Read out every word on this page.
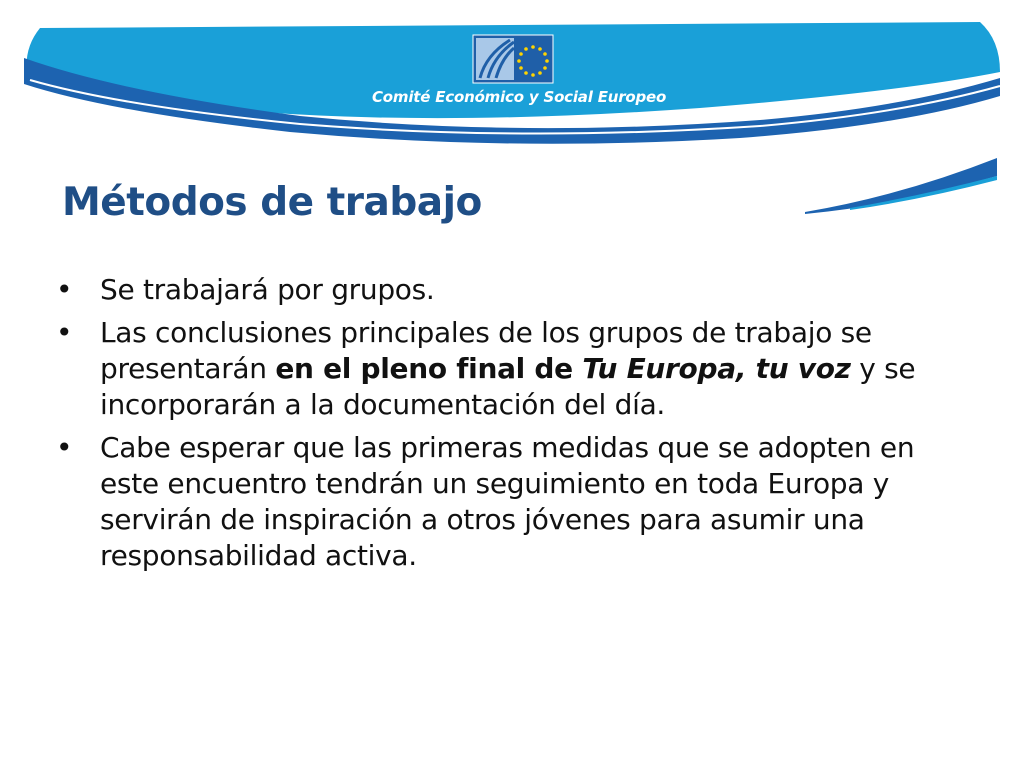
Comité Económico y Social Europeo
Métodos de trabajo
• Se trabajará por grupos.
• Las conclusiones principales de los grupos de trabajo se presentarán en el pleno final de Tu Europa, tu voz y se incorporarán a la documentación del día.
• Cabe esperar que las primeras medidas que se adopten en este encuentro tendrán un seguimiento en toda Europa y servirán de inspiración a otros jóvenes para asumir una responsabilidad activa.
